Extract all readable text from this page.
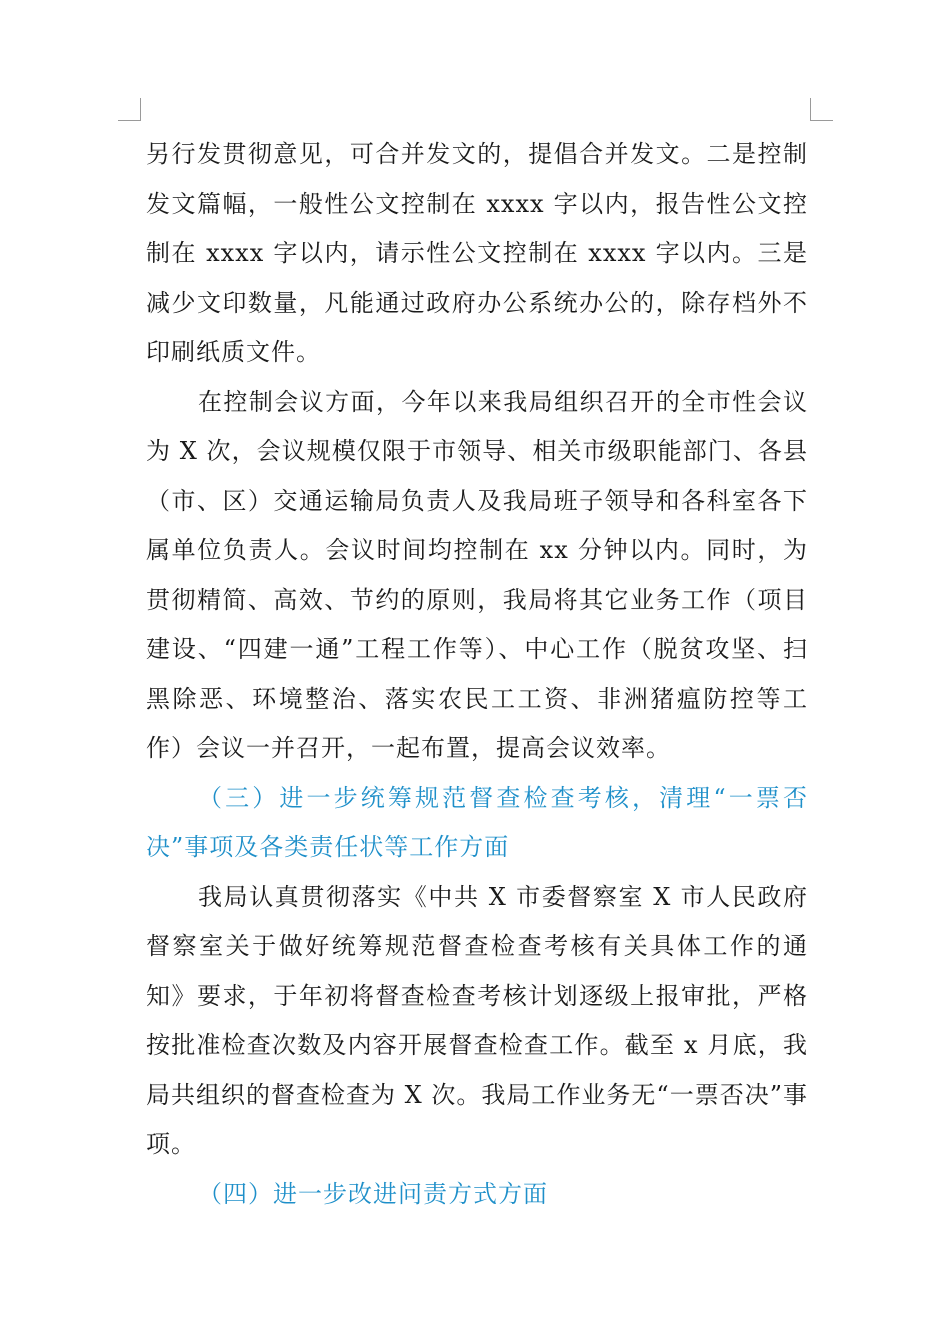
另行发贯彻意见，可合并发文的，提倡合并发文。二是控制发文篇幅，一般性公文控制在 xxxx 字以内，报告性公文控制在 xxxx 字以内，请示性公文控制在 xxxx 字以内。三是减少文印数量，凡能通过政府办公系统办公的，除存档外不印刷纸质文件。

在控制会议方面，今年以来我局组织召开的全市性会议为 X 次，会议规模仅限于市领导、相关市级职能部门、各县（市、区）交通运输局负责人及我局班子领导和各科室各下属单位负责人。会议时间均控制在 xx 分钟以内。同时，为贯彻精简、高效、节约的原则，我局将其它业务工作（项目建设、“四建一通”工程工作等）、中心工作（脱贫攻坚、扫黑除恶、环境整治、落实农民工工资、非洲猪瘟防控等工作）会议一并召开，一起布置，提高会议效率。

（三）进一步统筹规范督查检查考核，清理“一票否决”事项及各类责任状等工作方面

我局认真贯彻落实《中共 X 市委督察室 X 市人民政府督察室关于做好统筹规范督查检查考核有关具体工作的通知》要求，于年初将督查检查考核计划逐级上报审批，严格按批准检查次数及内容开展督查检查工作。截至 x 月底，我局共组织的督查检查为 X 次。我局工作业务无“一票否决”事项。

（四）进一步改进问责方式方面
